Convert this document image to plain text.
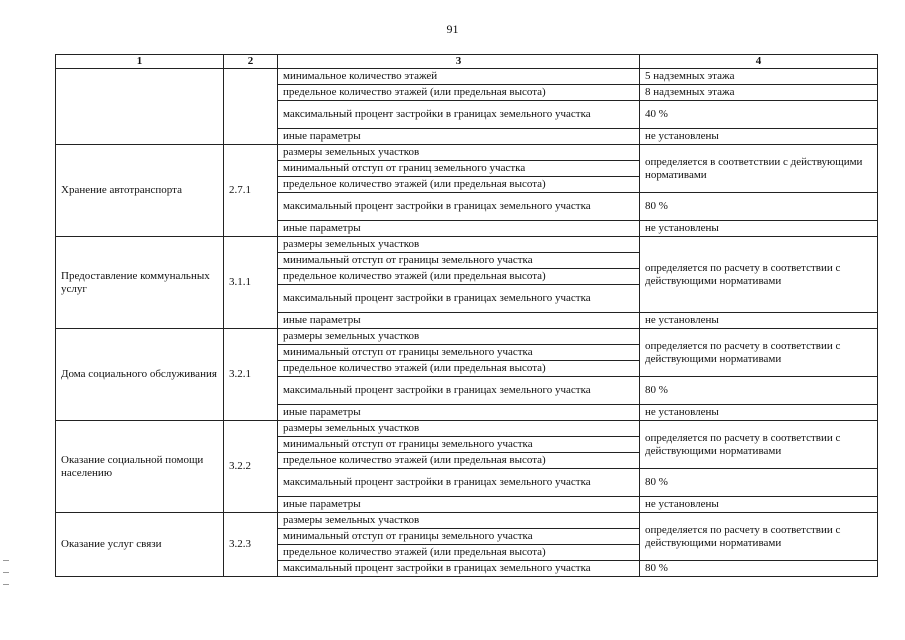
91
1	2	3	4
		минимальное количество этажей	5 надземных этажа
		предельное количество этажей (или предельная высота)	8 надземных этажа
		максимальный процент застройки в границах земельного участка	40 %
		иные параметры	не установлены
Хранение автотранспорта	2.7.1	размеры земельных участков	определяется в соответствии с действующими нормативами
		минимальный отступ от границ земельного участка	
		предельное количество этажей (или предельная высота)	
		максимальный процент застройки в границах земельного участка	80 %
		иные параметры	не установлены
Предоставление коммунальных услуг	3.1.1	размеры земельных участков	определяется по расчету в соответствии с действующими нормативами
		минимальный отступ от границы земельного участка	
		предельное количество этажей (или предельная высота)	
		максимальный процент застройки в границах земельного участка	
		иные параметры	не установлены
Дома социального обслуживания	3.2.1	размеры земельных участков	определяется по расчету в соответствии с действующими нормативами
		минимальный отступ от границы земельного участка	
		предельное количество этажей (или предельная высота)	
		максимальный процент застройки в границах земельного участка	80 %
		иные параметры	не установлены
Оказание социальной помощи населению	3.2.2	размеры земельных участков	определяется по расчету в соответствии с действующими нормативами
		минимальный отступ от границы земельного участка	
		предельное количество этажей (или предельная высота)	
		максимальный процент застройки в границах земельного участка	80 %
		иные параметры	не установлены
Оказание услуг связи	3.2.3	размеры земельных участков	определяется по расчету в соответствии с действующими нормативами
		минимальный отступ от границы земельного участка	
		предельное количество этажей (или предельная высота)	
		максимальный процент застройки в границах земельного участка	80 %
